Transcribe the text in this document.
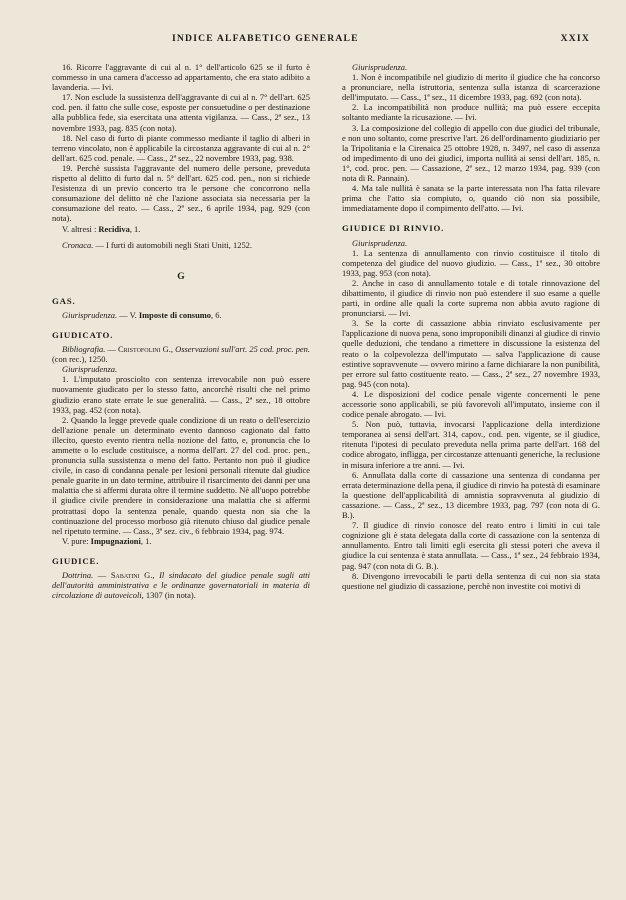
INDICE ALFABETICO GENERALE	XXIX

16. Ricorre l'aggravante di cui al n. 1° dell'articolo 625 se il furto è commesso in una camera d'accesso ad appartamento, che era stato adibito a lavanderia. — Ivi.

17. Non esclude la sussistenza dell'aggravante di cui al n. 7° dell'art. 625 cod. pen. il fatto che sulle cose, esposte per consuetudine o per destinazione alla pubblica fede, sia esercitata una attenta vigilanza. — Cass., 2ª sez., 13 novembre 1933, pag. 835 (con nota).

18. Nel caso di furto di piante commesso mediante il taglio di alberi in terreno vincolato, non è applicabile la circostanza aggravante di cui al n. 2° dell'art. 625 cod. penale. — Cass., 2ª sez., 22 novembre 1933, pag. 938.

19. Perchè sussista l'aggravante del numero delle persone, preveduta rispetto al delitto di furto dal n. 5° dell'art. 625 cod. pen., non si richiede l'esistenza di un previo concerto tra le persone che concorrono nella consumazione del delitto nè che l'azione associata sia necessaria per la consumazione del reato. — Cass., 2ª sez., 6 aprile 1934, pag. 929 (con nota).

V. altresì : Recidiva, 1.

Cronaca. — I furti di automobili negli Stati Uniti, 1252.

G
GAS.

Giurisprudenza. — V. Imposte di consumo, 6.

GIUDICATO.

Bibliografia. — Cristofolini G., Osservazioni sull'art. 25 cod. proc. pen. (con rec.), 1250.

Giurisprudenza.

1. L'imputato prosciolto con sentenza irrevocabile non può essere nuovamente giudicato per lo stesso fatto, ancorchè risulti che nel primo giudizio erano state errate le sue generalità. — Cass., 2ª sez., 18 ottobre 1933, pag. 452 (con nota).

2. Quando la legge prevede quale condizione di un reato o dell'esercizio dell'azione penale un determinato evento dannoso cagionato dal fatto illecito, questo evento rientra nella nozione del fatto, e, pronuncia che lo ammette o lo esclude costituisce, a norma dell'art. 27 del cod. proc. pen., pronuncia sulla sussistenza o meno del fatto. Pertanto non può il giudice civile, in caso di condanna penale per lesioni personali ritenute dal giudice penale guarite in un dato termine, attribuire il risarcimento dei danni per una malattia che si affermi durata oltre il termine suddetto. Nè all'uopo potrebbe il giudice civile prendere in considerazione una malattia che si affermi protrattasi dopo la sentenza penale, quando questa non sia che la continuazione del processo morboso già ritenuto chiuso dal giudice penale nel ripetuto termine. — Cass., 3ª sez. civ., 6 febbraio 1934, pag. 974.

V. pure: Impugnazioni, 1.

GIUDICE.

Dottrina. — Sabatini G., Il sindacato del giudice penale sugli atti dell'autorità amministrativa e le ordinanze governatoriali in materia di circolazione di autoveicoli, 1307 (in nota).

Giurisprudenza.

1. Non è incompatibile nel giudizio di merito il giudice che ha concorso a pronunciare, nella istruttoria, sentenza sulla istanza di scarcerazione dell'imputato. — Cass., 1ª sez., 11 dicembre 1933, pag. 692 (con nota).

2. La incompatibilità non produce nullità; ma può essere eccepita soltanto mediante la ricusazione. — Ivi.

3. La composizione del collegio di appello con due giudici del tribunale, e non uno soltanto, come prescrive l'art. 26 dell'ordinamento giudiziario per la Tripolitania e la Cirenaica 25 ottobre 1928, n. 3497, nel caso di assenza od impedimento di uno dei giudici, importa nullità ai sensi dell'art. 185, n. 1°, cod. proc. pen. — Cassazione, 2ª sez., 12 marzo 1934, pag. 939 (con nota di R. Pannain).

4. Ma tale nullità è sanata se la parte interessata non l'ha fatta rilevare prima che l'atto sia compiuto, o, quando ciò non sia possibile, immediatamente dopo il compimento dell'atto. — Ivi.

GIUDICE DI RINVIO.

Giurisprudenza.

1. La sentenza di annullamento con rinvio costituisce il titolo di competenza del giudice del nuovo giudizio. — Cass., 1ª sez., 30 ottobre 1933, pag. 953 (con nota).

2. Anche in caso di annullamento totale e di totale rinnovazione del dibattimento, il giudice di rinvio non può estendere il suo esame a quelle parti, in ordine alle quali la corte suprema non abbia avuto ragione di pronunciarsi. — Ivi.

3. Se la corte di cassazione abbia rinviato esclusivamente per l'applicazione di nuova pena, sono improponibili dinanzi al giudice di rinvio quelle deduzioni, che tendano a rimettere in discussione la esistenza del reato o la colpevolezza dell'imputato — salva l'applicazione di cause estintive sopravvenute — ovvero mirino a farne dichiarare la non punibilità, per errore sul fatto costituente reato. — Cass., 2ª sez., 27 novembre 1933, pag. 945 (con nota).

4. Le disposizioni del codice penale vigente concernenti le pene accessorie sono applicabili, se più favorevoli all'imputato, insieme con il codice penale abrogato. — Ivi.

5. Non può, tuttavia, invocarsi l'applicazione della interdizione temporanea ai sensi dell'art. 314, capov., cod. pen. vigente, se il giudice, ritenuta l'ipotesi di peculato preveduta nella prima parte dell'art. 168 del codice abrogato, infligga, per circostanze attenuanti generiche, la reclusione in misura inferiore a tre anni. — Ivi.

6. Annullata dalla corte di cassazione una sentenza di condanna per errata determinazione della pena, il giudice di rinvio ha potestà di esaminare la questione dell'applicabilità di amnistia sopravvenuta al giudizio di cassazione. — Cass., 2ª sez., 13 dicembre 1933, pag. 797 (con nota di G. B.).

7. Il giudice di rinvio conosce del reato entro i limiti in cui tale cognizione gli è stata delegata dalla corte di cassazione con la sentenza di annullamento. Entro tali limiti egli esercita gli stessi poteri che aveva il giudice la cui sentenza è stata annullata. — Cass., 1ª sez., 24 febbraio 1934, pag. 947 (con nota di G. B.).

8. Divengono irrevocabili le parti della sentenza di cui non sia stata questione nel giudizio di cassazione, perchè non investite coi motivi di
